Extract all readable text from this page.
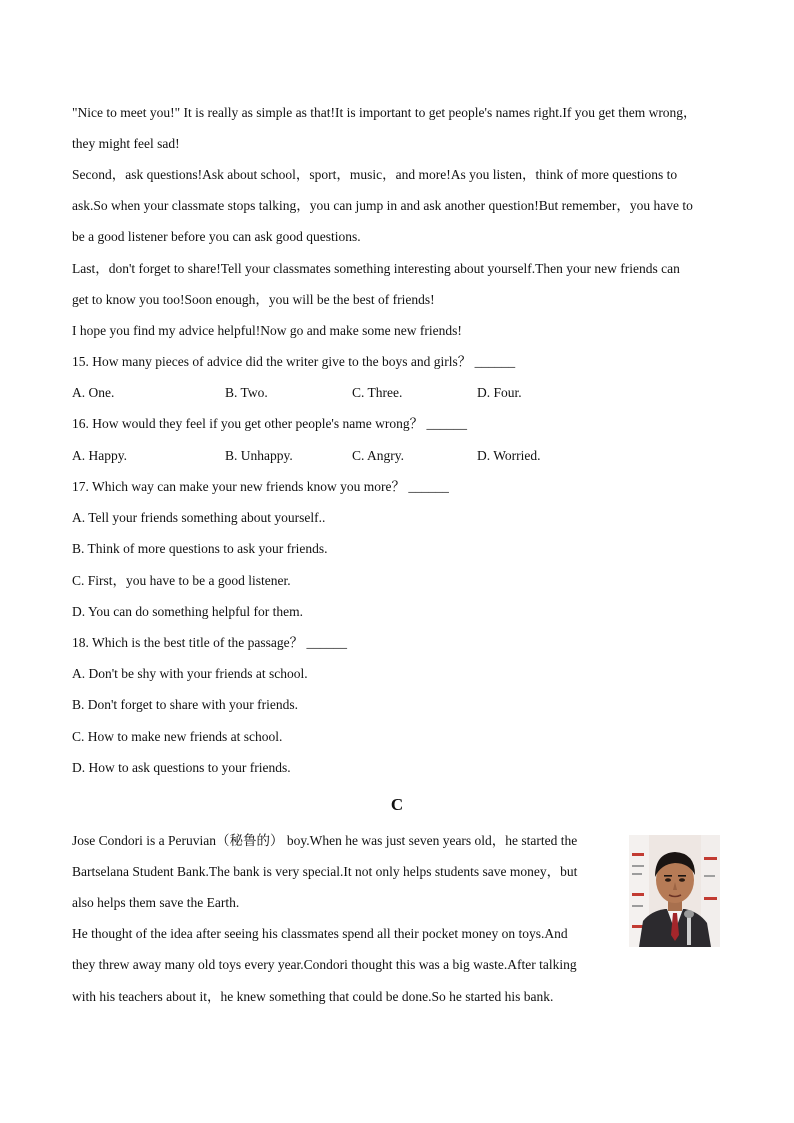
"Nice to meet you!" It is really as simple as that!It is important to get people's names right.If you get them wrong，
they might feel sad!
Second，ask questions!Ask about school，sport，music，and more!As you listen，think of more questions to
ask.So when your classmate stops talking，you can jump in and ask another question!But remember，you have to
be a good listener before you can ask good questions.
Last，don't forget to share!Tell your classmates something interesting about yourself.Then your new friends can
get to know you too!Soon enough，you will be the best of friends!
I hope you find my advice helpful!Now go and make some new friends!
15. How many pieces of advice did the writer give to the boys and girls？ ______
A. One.	B. Two.	C. Three.	D. Four.
16. How would they feel if you get other people's name wrong？ ______
A. Happy.	B. Unhappy.	C. Angry.	D. Worried.
17. Which way can make your new friends know you more？ ______
A. Tell your friends something about yourself..
B. Think of more questions to ask your friends.
C. First，you have to be a good listener.
D. You can do something helpful for them.
18. Which is the best title of the passage？ ______
A. Don't be shy with your friends at school.
B. Don't forget to share with your friends.
C. How to make new friends at school.
D. How to ask questions to your friends.
C
Jose Condori is a Peruvian（秘鲁的） boy.When he was just seven years old，he started the
Bartselana Student Bank.The bank is very special.It not only helps students save money，but
also helps them save the Earth.
He thought of the idea after seeing his classmates spend all their pocket money on toys.And
they threw away many old toys every year.Condori thought this was a big waste.After talking
with his teachers about it，he knew something that could be done.So he started his bank.
